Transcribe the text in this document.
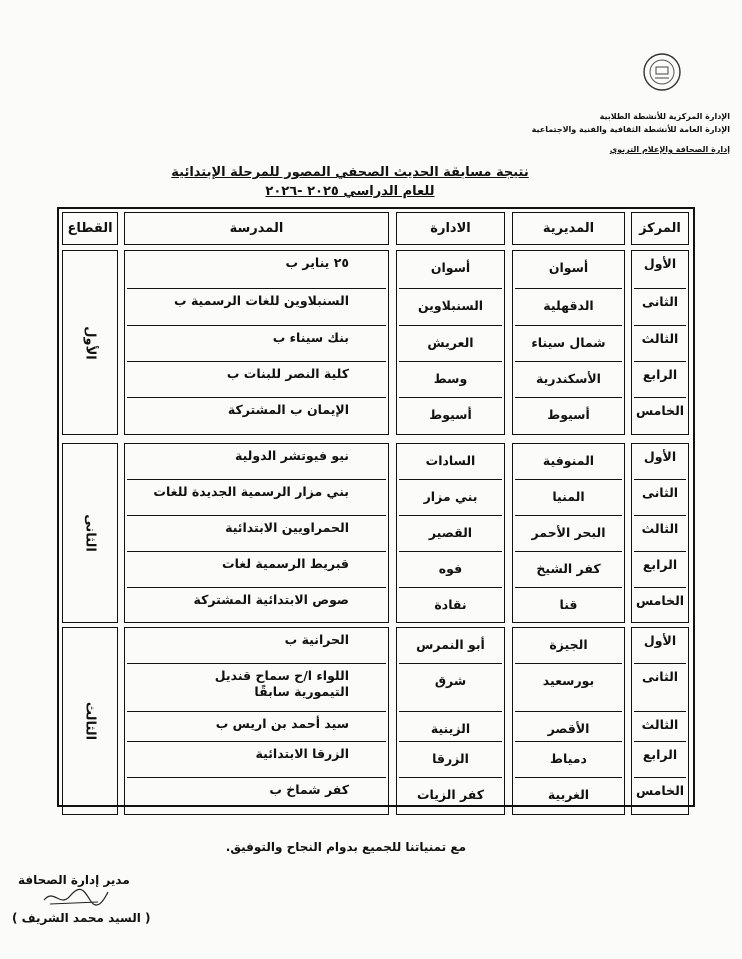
الإدارة المركزية للأنشطة الطلابية
الإدارة العامة للأنشطة الثقافية والفنية والاجتماعية
إدارة الصحافة والإعلام التربوي
نتيجة مسابقة الحديث الصحفي المصور للمرحلة الإبتدائية
للعام الدراسي ٢٠٢٥ -٢٠٢٦
المركز
المديرية
الادارة
المدرسة
القطاع
الأول
الأول
أسوان
أسوان
٢٥ يناير ب
الثانى
الدقهلية
السنبلاوين
السنبلاوين للغات الرسمية ب
الثالث
شمال سيناء
العريش
بنك سيناء ب
الرابع
الأسكندرية
وسط
كلية النصر للبنات ب
الخامس
أسيوط
أسيوط
الإيمان ب المشتركة
الثانى
الأول
المنوفية
السادات
نيو فيوتشر الدولية
الثانى
المنيا
بني مزار
بني مزار الرسمية الجديدة للغات
الثالث
البحر الأحمر
القصير
الحمراويين الابتدائية
الرابع
كفر الشيخ
فوه
قبريط الرسمية لغات
الخامس
قنا
نقادة
صوص الابتدائية المشتركة
الثالث
الأول
الجيزة
أبو النمرس
الحرانية ب
الثانى
بورسعيد
شرق
اللواء ا/ح سماح قنديل
التيمورية سابقًا
الثالث
الأقصر
الزينية
سيد أحمد بن اريس ب
الرابع
دمياط
الزرقا
الزرقا الابتدائية
الخامس
الغربية
كفر الزيات
كفر شماخ ب
مع تمنياتنا للجميع بدوام النجاح والتوفيق.
مدير إدارة الصحافة
( السيد محمد الشريف )
